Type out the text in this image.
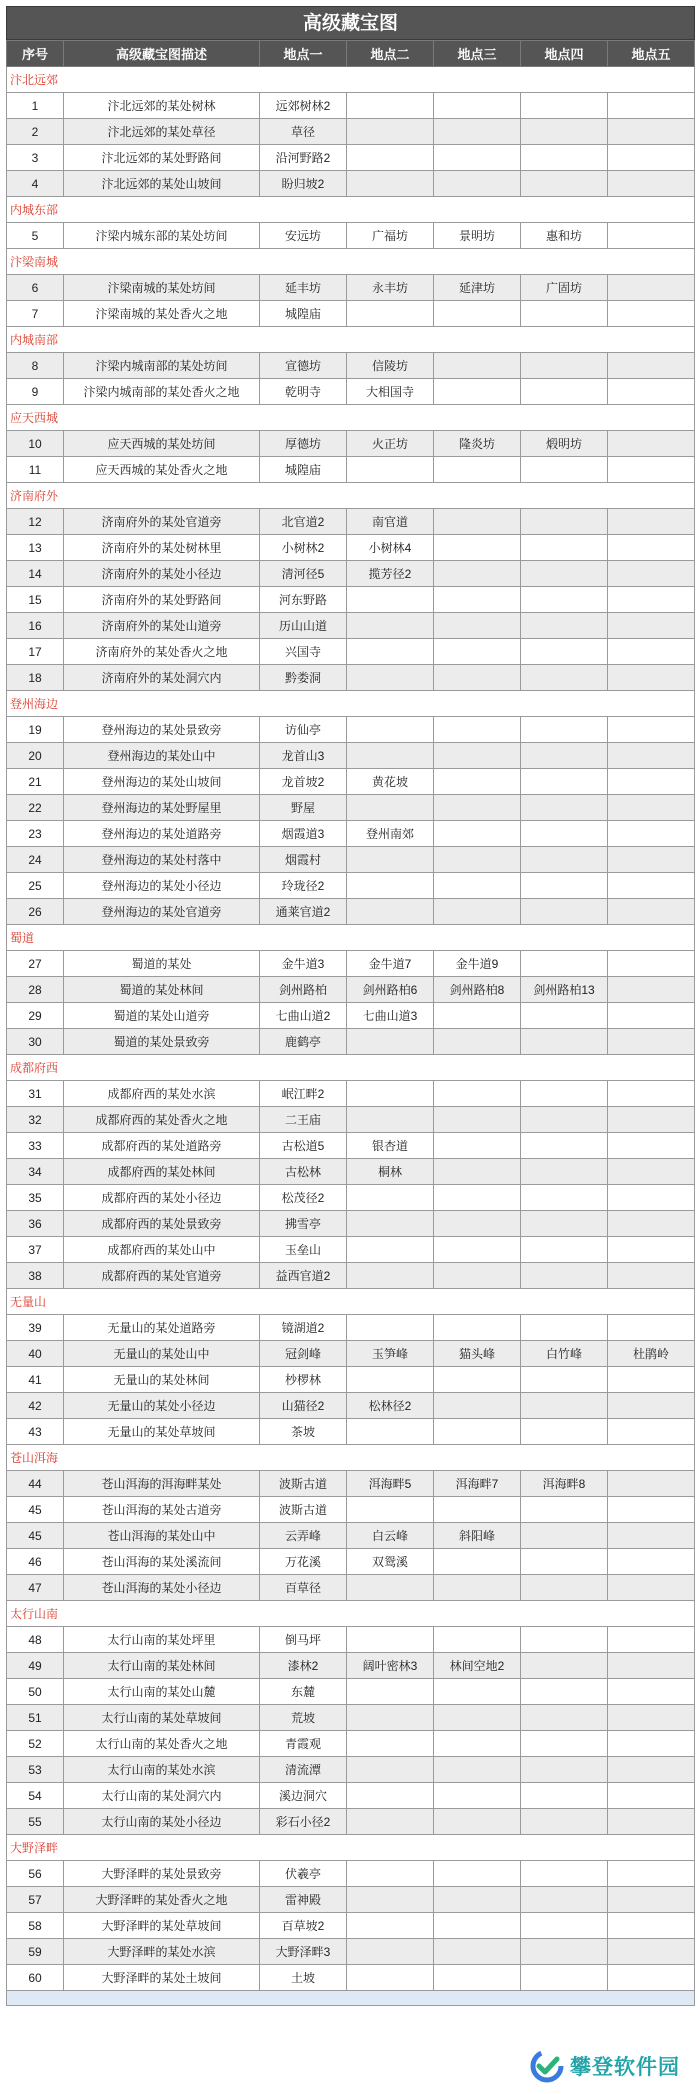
高级藏宝图
序号	高级藏宝图描述	地点一	地点二	地点三	地点四	地点五
汴北远郊						
1	汴北远郊的某处树林	远郊树林2				
2	汴北远郊的某处草径	草径				
3	汴北远郊的某处野路间	沿河野路2				
4	汴北远郊的某处山坡间	盼归坡2				
内城东部						
5	汴梁内城东部的某处坊间	安远坊	广福坊	景明坊	惠和坊	
汴梁南城						
6	汴梁南城的某处坊间	延丰坊	永丰坊	延津坊	广固坊	
7	汴梁南城的某处香火之地	城隍庙				
内城南部						
8	汴梁内城南部的某处坊间	宣德坊	信陵坊			
9	汴梁内城南部的某处香火之地	乾明寺	大相国寺			
应天西城						
10	应天西城的某处坊间	厚德坊	火正坊	隆炎坊	煅明坊	
11	应天西城的某处香火之地	城隍庙				
济南府外						
12	济南府外的某处官道旁	北官道2	南官道			
13	济南府外的某处树林里	小树林2	小树林4			
14	济南府外的某处小径边	清河径5	揽芳径2			
15	济南府外的某处野路间	河东野路				
16	济南府外的某处山道旁	历山山道				
17	济南府外的某处香火之地	兴国寺				
18	济南府外的某处洞穴内	黔娄洞				
登州海边						
19	登州海边的某处景致旁	访仙亭				
20	登州海边的某处山中	龙首山3				
21	登州海边的某处山坡间	龙首坡2	黄花坡			
22	登州海边的某处野屋里	野屋				
23	登州海边的某处道路旁	烟霞道3	登州南郊			
24	登州海边的某处村落中	烟霞村				
25	登州海边的某处小径边	玲珑径2				
26	登州海边的某处官道旁	通莱官道2				
蜀道						
27	蜀道的某处	金牛道3	金牛道7	金牛道9		
28	蜀道的某处林间	剑州路柏	剑州路柏6	剑州路柏8	剑州路柏13	
29	蜀道的某处山道旁	七曲山道2	七曲山道3			
30	蜀道的某处景致旁	鹿鹤亭				
成都府西						
31	成都府西的某处水滨	岷江畔2				
32	成都府西的某处香火之地	二王庙				
33	成都府西的某处道路旁	古松道5	银杏道			
34	成都府西的某处林间	古松林	桐林			
35	成都府西的某处小径边	松茂径2				
36	成都府西的某处景致旁	拂雪亭				
37	成都府西的某处山中	玉垒山				
38	成都府西的某处官道旁	益西官道2				
无量山						
39	无量山的某处道路旁	镜湖道2				
40	无量山的某处山中	冠剑峰	玉笋峰	猫头峰	白竹峰	杜鹃岭
41	无量山的某处林间	杪椤林				
42	无量山的某处小径边	山猫径2	松林径2			
43	无量山的某处草坡间	茶坡				
苍山洱海						
44	苍山洱海的洱海畔某处	波斯古道	洱海畔5	洱海畔7	洱海畔8	
45	苍山洱海的某处古道旁	波斯古道				
45	苍山洱海的某处山中	云弄峰	白云峰	斜阳峰		
46	苍山洱海的某处溪流间	万花溪	双鸳溪			
47	苍山洱海的某处小径边	百草径				
太行山南						
48	太行山南的某处坪里	倒马坪				
49	太行山南的某处林间	漆林2	阔叶密林3	林间空地2		
50	太行山南的某处山麓	东麓				
51	太行山南的某处草坡间	荒坡				
52	太行山南的某处香火之地	青霞观				
53	太行山南的某处水滨	清流潭				
54	太行山南的某处洞穴内	溪边洞穴				
55	太行山南的某处小径边	彩石小径2				
大野泽畔						
56	大野泽畔的某处景致旁	伏羲亭				
57	大野泽畔的某处香火之地	雷神殿				
58	大野泽畔的某处草坡间	百草坡2				
59	大野泽畔的某处水滨	大野泽畔3				
60	大野泽畔的某处土坡间	土坡				
攀登软件园
